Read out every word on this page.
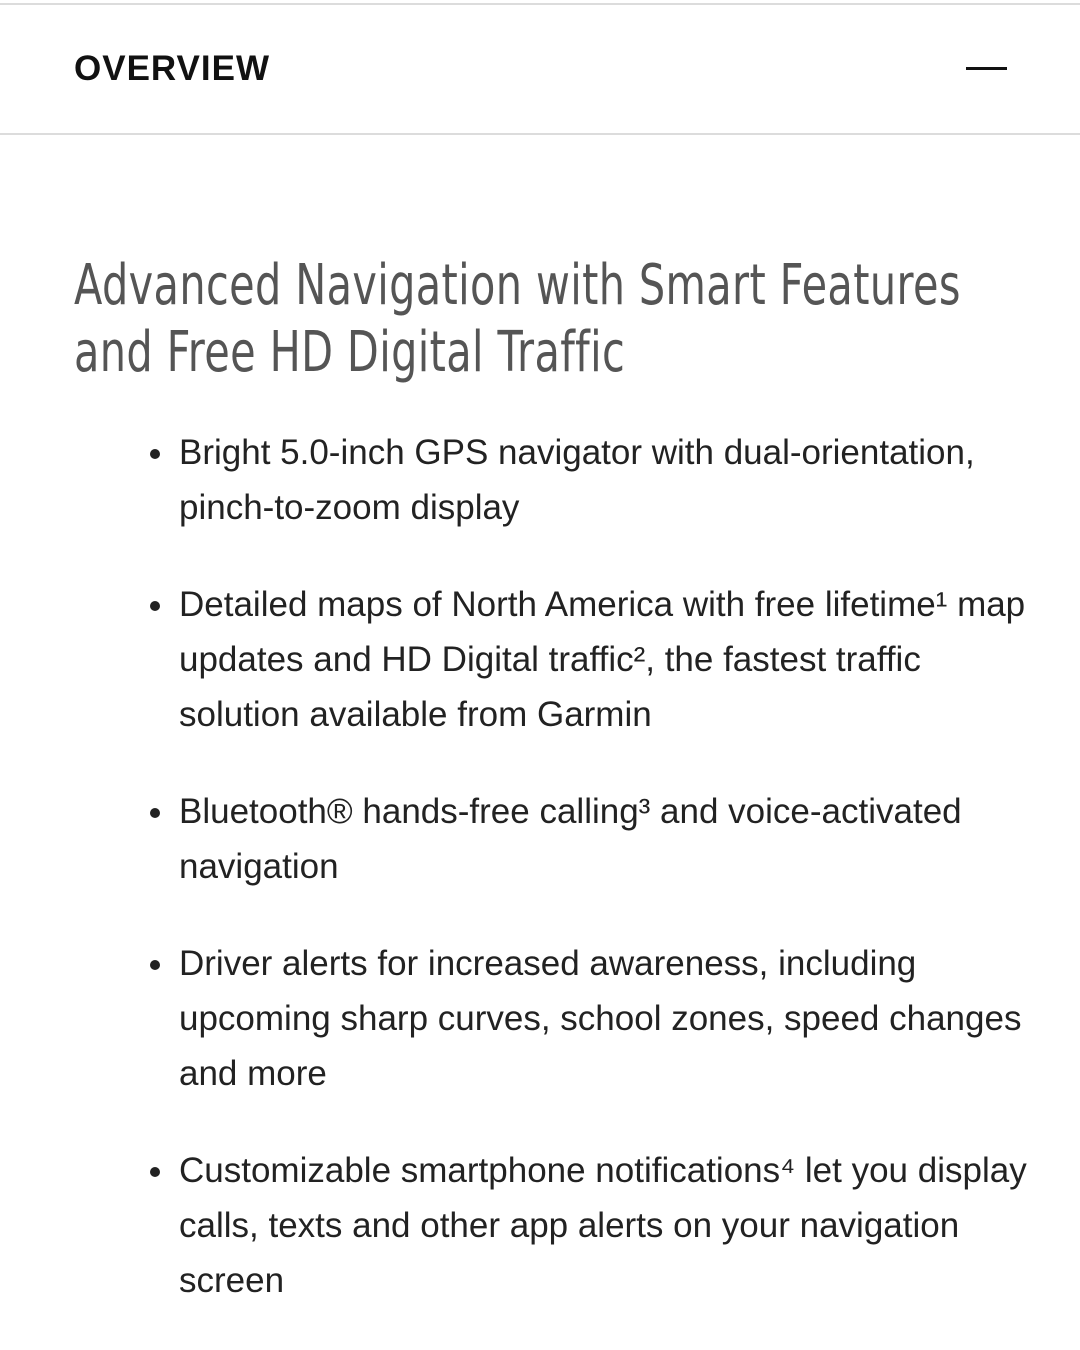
OVERVIEW
Advanced Navigation with Smart Features
and Free HD Digital Traffic
Bright 5.0-inch GPS navigator with dual-orientation, pinch-to-zoom display
Detailed maps of North America with free lifetime¹ map updates and HD Digital traffic², the fastest traffic solution available from Garmin
Bluetooth® hands-free calling³ and voice-activated navigation
Driver alerts for increased awareness, including upcoming sharp curves, school zones, speed changes and more
Customizable smartphone notifications⁴ let you display calls, texts and other app alerts on your navigation screen
